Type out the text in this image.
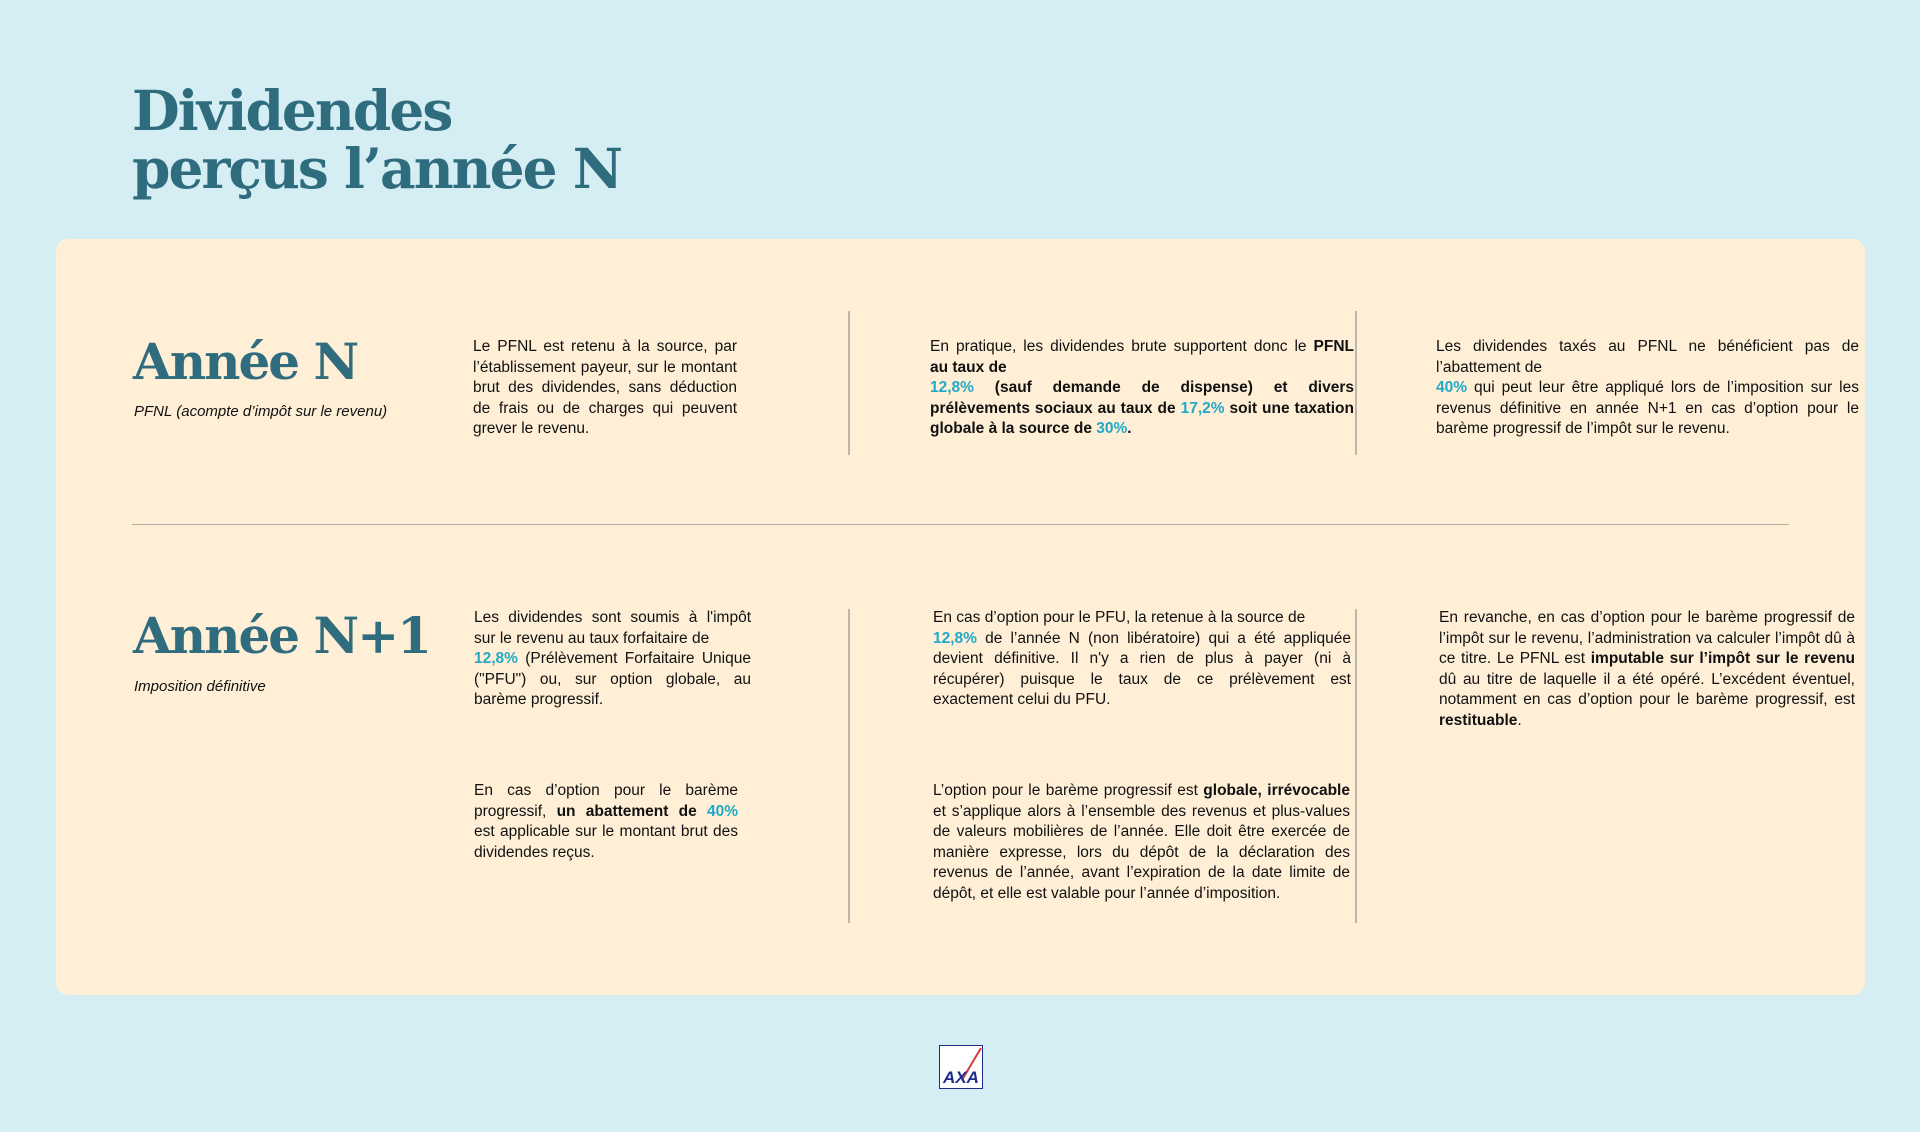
Dividendes
perçus l’année N
Année N

PFNL (acompte d’impôt sur le revenu)

Le PFNL est retenu à la source, par l’établissement payeur, sur le montant brut des dividendes, sans déduction de frais ou de charges qui peuvent grever le revenu.

En pratique, les dividendes brute supportent donc le PFNL au taux de
12,8% (sauf demande de dispense) et divers prélèvements sociaux au taux de 17,2% soit une taxation globale à la source de 30%.

Les dividendes taxés au PFNL ne bénéficient pas de l’abattement de
40% qui peut leur être appliqué lors de l’imposition sur les revenus définitive en année N+1 en cas d’option pour le barème progressif de l’impôt sur le revenu.

Année N+1

Imposition définitive

Les dividendes sont soumis à l'impôt sur le revenu au taux forfaitaire de
12,8% (Prélèvement Forfaitaire Unique ("PFU") ou, sur option globale, au barème progressif.

En cas d’option pour le barème progressif, un abattement de 40% est applicable sur le montant brut des dividendes reçus.

En cas d’option pour le PFU, la retenue à la source de
12,8% de l’année N (non libératoire) qui a été appliquée devient définitive. Il n'y a rien de plus à payer (ni à récupérer) puisque le taux de ce prélèvement est exactement celui du PFU.

L’option pour le barème progressif est globale, irrévocable et s’applique alors à l’ensemble des revenus et plus-values de valeurs mobilières de l’année. Elle doit être exercée de manière expresse, lors du dépôt de la déclaration des revenus de l’année, avant l’expiration de la date limite de dépôt, et elle est valable pour l’année d’imposition.

En revanche, en cas d’option pour le barème progressif de l’impôt sur le revenu, l’administration va calculer l’impôt dû à ce titre. Le PFNL est imputable sur l’impôt sur le revenu dû au titre de laquelle il a été opéré. L’excédent éventuel, notamment en cas d’option pour le barème progressif, est restituable.

AXA
